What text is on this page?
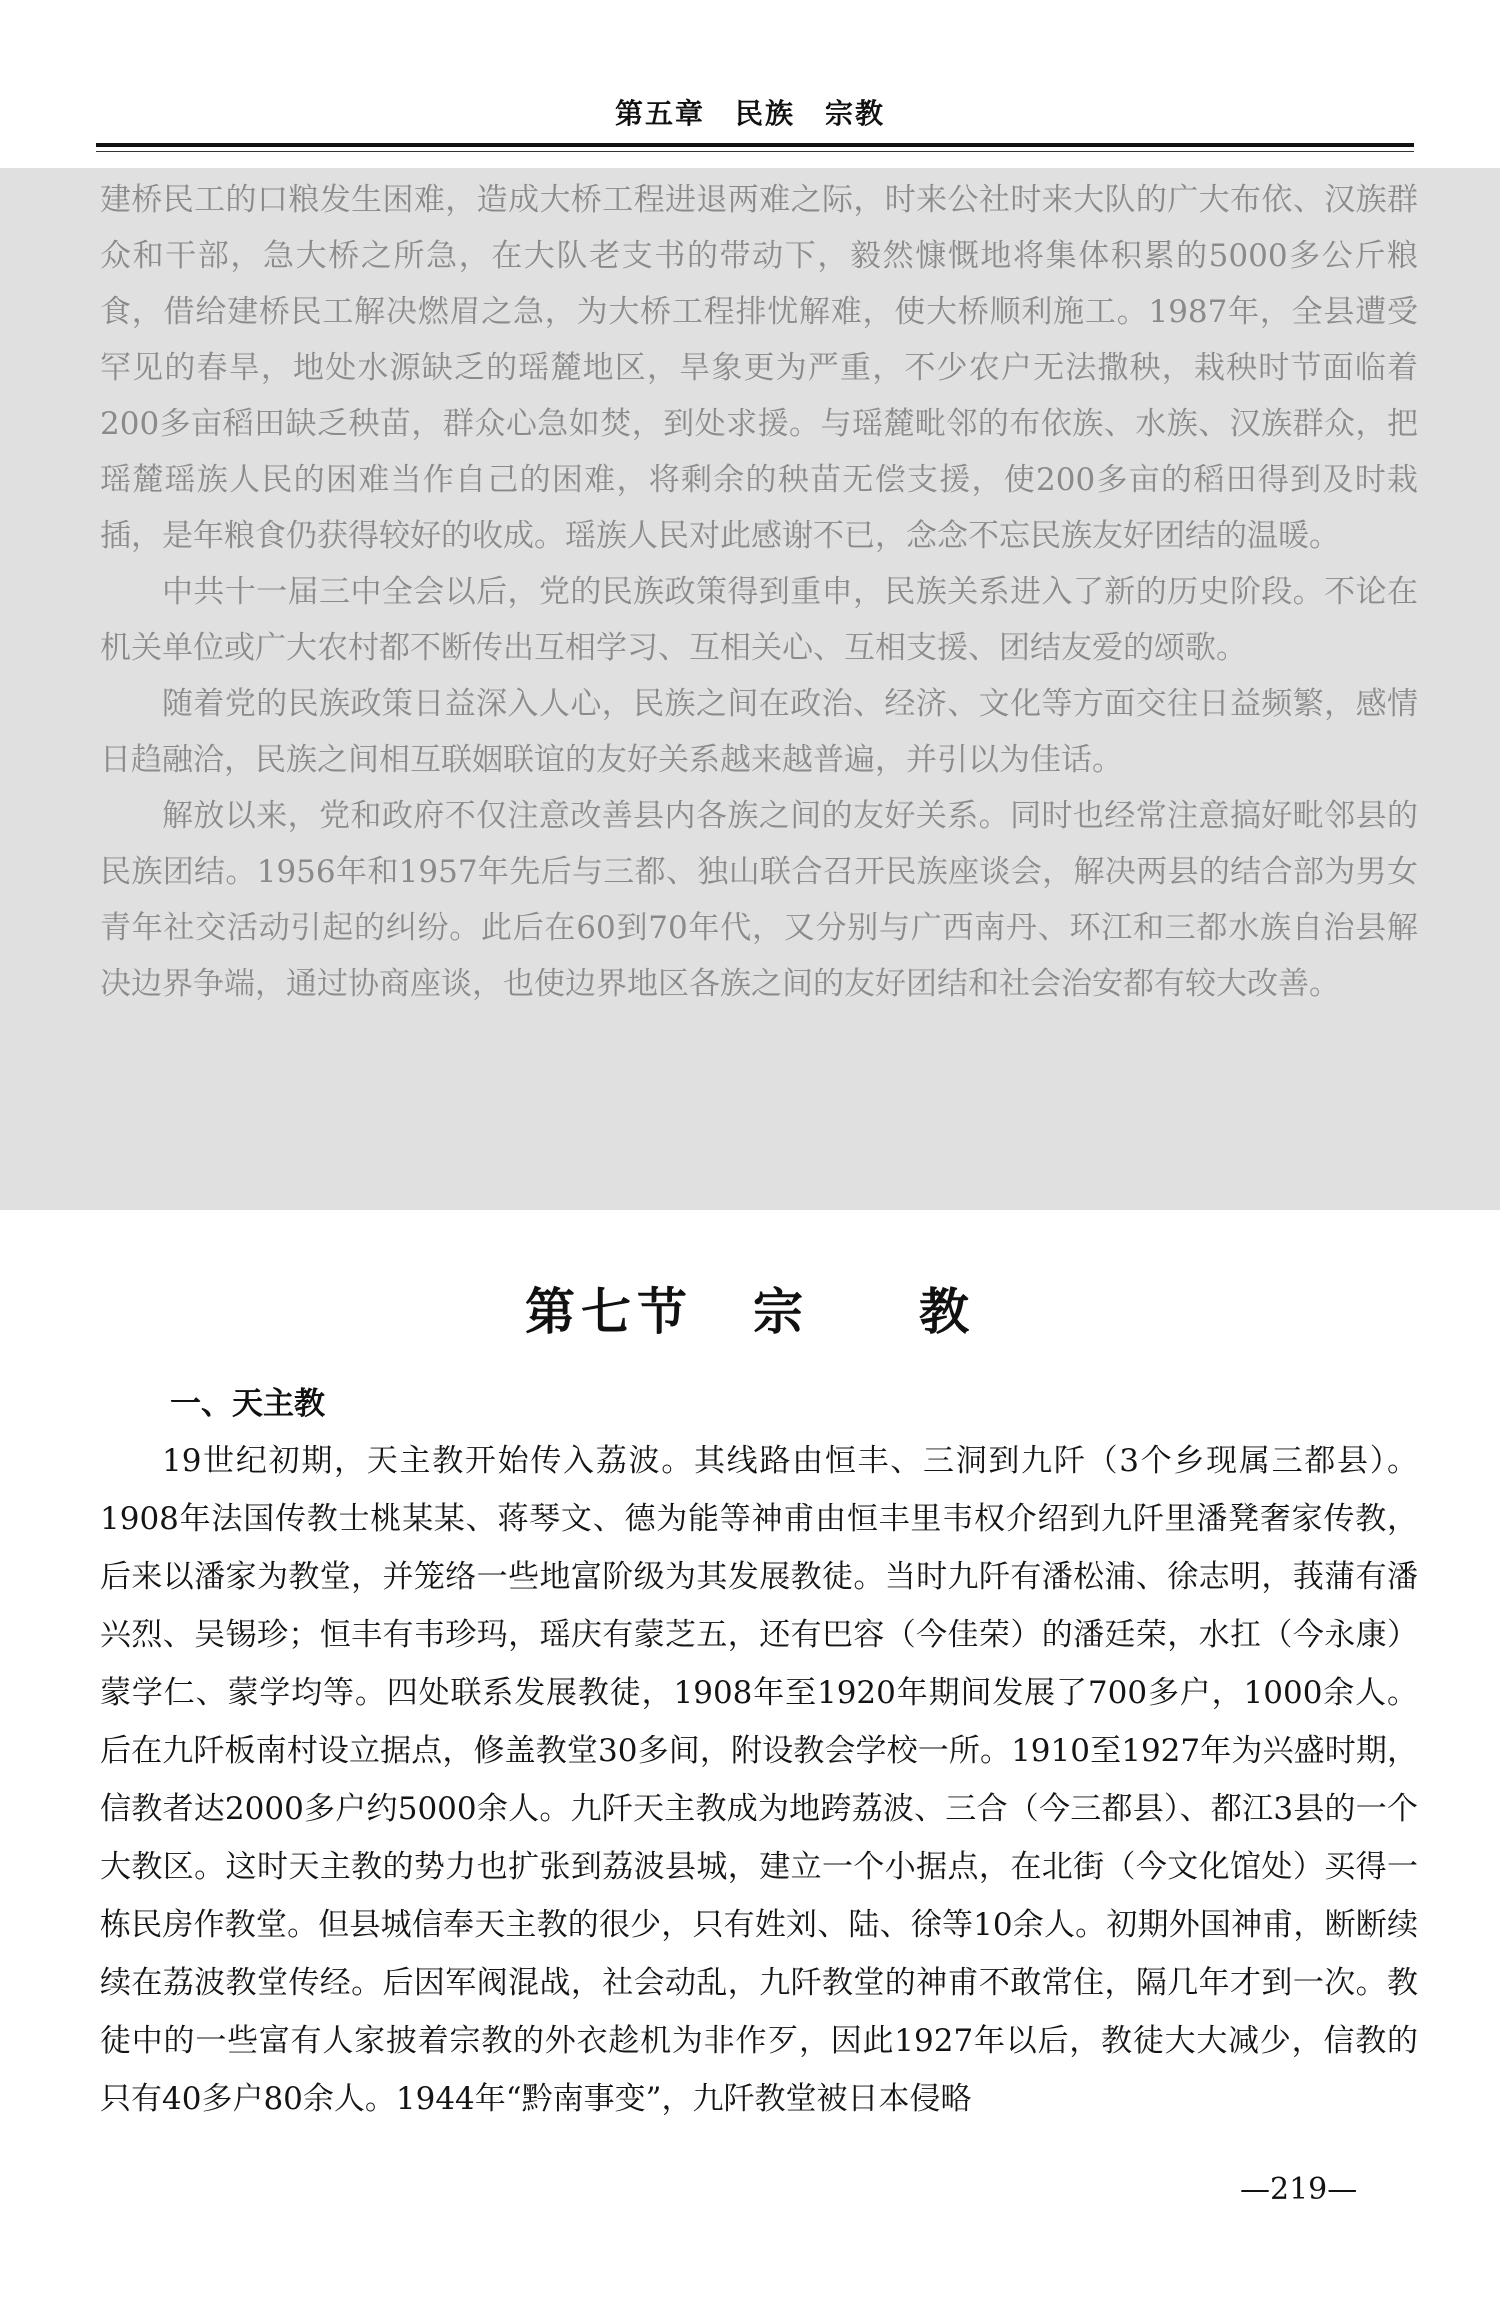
第五章　民族　宗教

建桥民工的口粮发生困难，造成大桥工程进退两难之际，时来公社时来大队的广大布依、汉族群众和干部，急大桥之所急，在大队老支书的带动下，毅然慷慨地将集体积累的5000多公斤粮食，借给建桥民工解决燃眉之急，为大桥工程排忧解难，使大桥顺利施工。1987年，全县遭受罕见的春旱，地处水源缺乏的瑶麓地区，旱象更为严重，不少农户无法撒秧，栽秧时节面临着200多亩稻田缺乏秧苗，群众心急如焚，到处求援。与瑶麓毗邻的布依族、水族、汉族群众，把瑶麓瑶族人民的困难当作自己的困难，将剩余的秧苗无偿支援，使200多亩的稻田得到及时栽插，是年粮食仍获得较好的收成。瑶族人民对此感谢不已，念念不忘民族友好团结的温暖。

中共十一届三中全会以后，党的民族政策得到重申，民族关系进入了新的历史阶段。不论在机关单位或广大农村都不断传出互相学习、互相关心、互相支援、团结友爱的颂歌。

随着党的民族政策日益深入人心，民族之间在政治、经济、文化等方面交往日益频繁，感情日趋融洽，民族之间相互联姻联谊的友好关系越来越普遍，并引以为佳话。

解放以来，党和政府不仅注意改善县内各族之间的友好关系。同时也经常注意搞好毗邻县的民族团结。1956年和1957年先后与三都、独山联合召开民族座谈会，解决两县的结合部为男女青年社交活动引起的纠纷。此后在60到70年代，又分别与广西南丹、环江和三都水族自治县解决边界争端，通过协商座谈，也使边界地区各族之间的友好团结和社会治安都有较大改善。

第七节 宗 教
一、天主教

19世纪初期，天主教开始传入荔波。其线路由恒丰、三洞到九阡（3个乡现属三都县）。1908年法国传教士桃某某、蒋琴文、德为能等神甫由恒丰里韦权介绍到九阡里潘凳奢家传教，后来以潘家为教堂，并笼络一些地富阶级为其发展教徒。当时九阡有潘松浦、徐志明，莪蒲有潘兴烈、吴锡珍；恒丰有韦珍玛，瑶庆有蒙芝五，还有巴容（今佳荣）的潘廷荣，水扛（今永康）蒙学仁、蒙学均等。四处联系发展教徒，1908年至1920年期间发展了700多户，1000余人。后在九阡板南村设立据点，修盖教堂30多间，附设教会学校一所。1910至1927年为兴盛时期，信教者达2000多户约5000余人。九阡天主教成为地跨荔波、三合（今三都县）、都江3县的一个大教区。这时天主教的势力也扩张到荔波县城，建立一个小据点，在北街（今文化馆处）买得一栋民房作教堂。但县城信奉天主教的很少，只有姓刘、陆、徐等10余人。初期外国神甫，断断续续在荔波教堂传经。后因军阀混战，社会动乱，九阡教堂的神甫不敢常住，隔几年才到一次。教徒中的一些富有人家披着宗教的外衣趁机为非作歹，因此1927年以后，教徒大大减少，信教的只有40多户80余人。1944年“黔南事变”，九阡教堂被日本侵略

—219—
